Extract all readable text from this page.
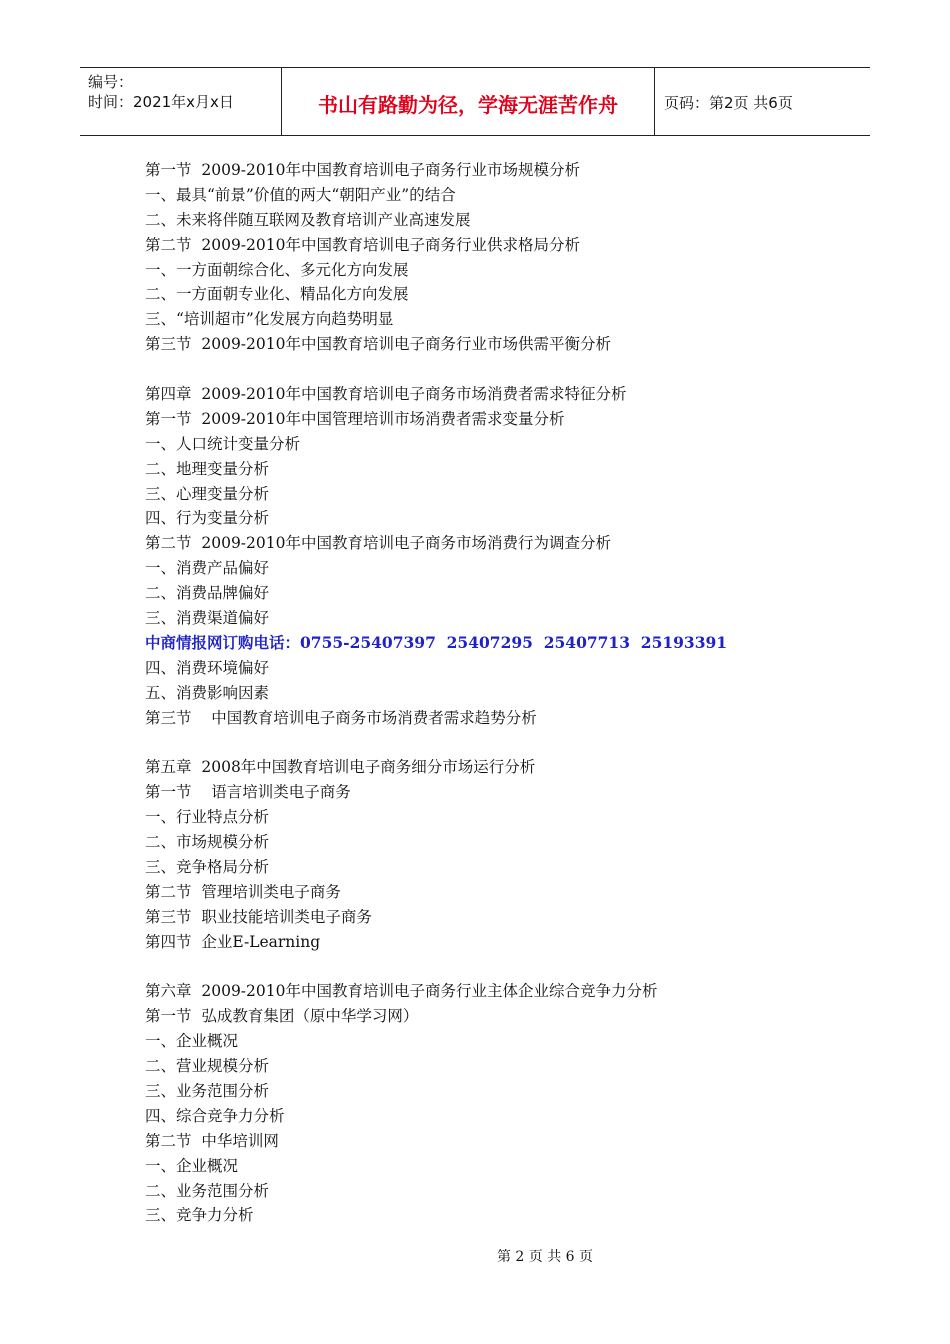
编号：
时间：2021年x月x日	书山有路勤为径，学海无涯苦作舟	页码：第2页 共6页
第一节  2009-2010年中国教育培训电子商务行业市场规模分析
一、最具“前景”价值的两大“朝阳产业”的结合
二、未来将伴随互联网及教育培训产业高速发展
第二节  2009-2010年中国教育培训电子商务行业供求格局分析
一、一方面朝综合化、多元化方向发展
二、一方面朝专业化、精品化方向发展
三、“培训超市”化发展方向趋势明显
第三节  2009-2010年中国教育培训电子商务行业市场供需平衡分析
第四章  2009-2010年中国教育培训电子商务市场消费者需求特征分析
第一节  2009-2010年中国管理培训市场消费者需求变量分析
一、人口统计变量分析
二、地理变量分析
三、心理变量分析
四、行为变量分析
第二节  2009-2010年中国教育培训电子商务市场消费行为调查分析
一、消费产品偏好
二、消费品牌偏好
三、消费渠道偏好
中商情报网订购电话：0755-25407397  25407295  25407713  25193391
四、消费环境偏好
五、消费影响因素
第三节    中国教育培训电子商务市场消费者需求趋势分析
第五章  2008年中国教育培训电子商务细分市场运行分析
第一节    语言培训类电子商务
一、行业特点分析
二、市场规模分析
三、竞争格局分析
第二节  管理培训类电子商务
第三节  职业技能培训类电子商务
第四节  企业E-Learning
第六章  2009-2010年中国教育培训电子商务行业主体企业综合竞争力分析
第一节  弘成教育集团（原中华学习网）
一、企业概况
二、营业规模分析
三、业务范围分析
四、综合竞争力分析
第二节  中华培训网
一、企业概况
二、业务范围分析
三、竞争力分析
第 2 页 共 6 页
